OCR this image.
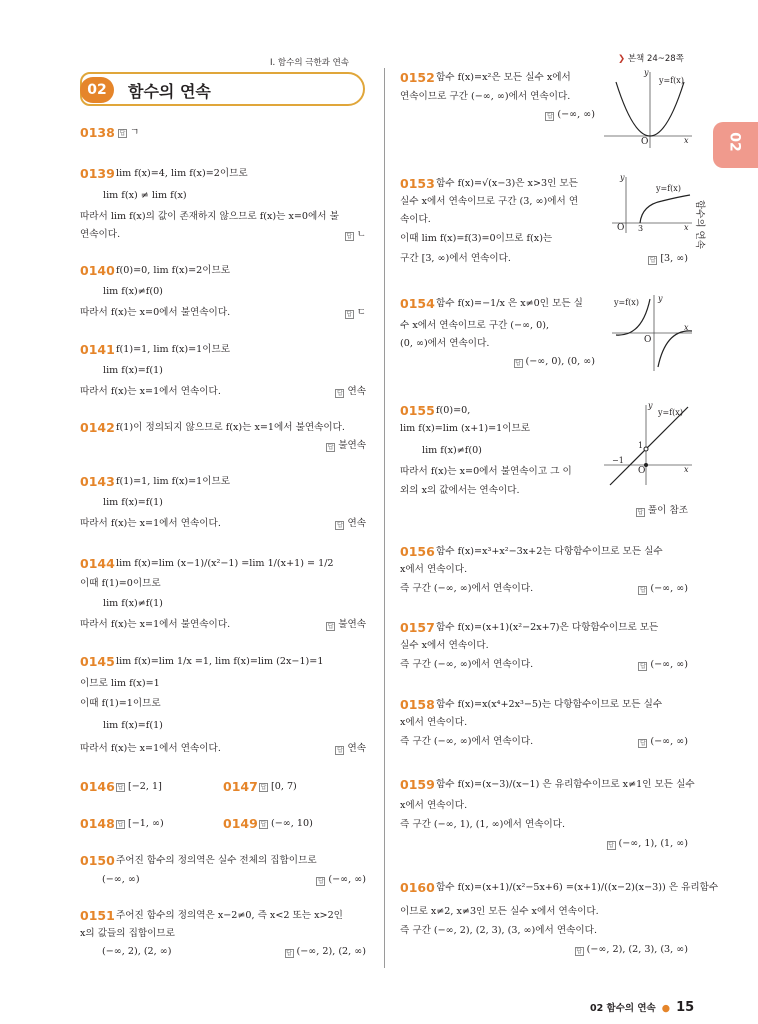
Ⅰ. 함수의 극한과 연속	❯ 본책 24~28쪽
02	함수의 연속
02
함수의 연속
0138 답 ㄱ
0139 lim f(x)=4, lim f(x)=2이므로
lim f(x) ≠ lim f(x)
따라서 lim f(x)의 값이 존재하지 않으므로 f(x)는 x=0에서 불
연속이다.	답 ㄴ
0140 f(0)=0, lim f(x)=2이므로
lim f(x)≠f(0)
따라서 f(x)는 x=0에서 불연속이다.	답 ㄷ
0141 f(1)=1, lim f(x)=1이므로
lim f(x)=f(1)
따라서 f(x)는 x=1에서 연속이다.	답 연속
0142 f(1)이 정의되지 않으므로 f(x)는 x=1에서 불연속이다.
답 불연속
0143 f(1)=1, lim f(x)=1이므로
lim f(x)=f(1)
따라서 f(x)는 x=1에서 연속이다.	답 연속
0144 lim f(x)=lim (x−1)/(x²−1) =lim 1/(x+1) = 1/2
이때 f(1)=0이므로
lim f(x)≠f(1)
따라서 f(x)는 x=1에서 불연속이다.	답 불연속
0145 lim f(x)=lim 1/x =1, lim f(x)=lim (2x−1)=1
이므로 lim f(x)=1
이때 f(1)=1이므로
lim f(x)=f(1)
따라서 f(x)는 x=1에서 연속이다.	답 연속
0146 답 [−2, 1]	0147 답 [0, 7)
0148 답 [−1, ∞)	0149 답 (−∞, 10)
0150 주어진 함수의 정의역은 실수 전체의 집합이므로
(−∞, ∞)	답 (−∞, ∞)
0151 주어진 함수의 정의역은 x−2≠0, 즉 x<2 또는 x>2인
x의 값들의 집합이므로
(−∞, 2), (2, ∞)	답 (−∞, 2), (2, ∞)
0152 함수 f(x)=x²은 모든 실수 x에서
연속이므로 구간 (−∞, ∞)에서 연속이다.
답 (−∞, ∞)
y=f(x)
O	x
y
0153 함수 f(x)=√(x−3)은 x>3인 모든
실수 x에서 연속이므로 구간 (3, ∞)에서 연
속이다.
이때 lim f(x)=f(3)=0이므로 f(x)는
구간 [3, ∞)에서 연속이다.	답 [3, ∞)
y=f(x)
O 3	x
y
0154 함수 f(x)=−1/x 은 x≠0인 모든 실
수 x에서 연속이므로 구간 (−∞, 0),
(0, ∞)에서 연속이다.
답 (−∞, 0), (0, ∞)
y=f(x)
O
x
y
0155 f(0)=0,
lim f(x)=lim (x+1)=1이므로
lim f(x)≠f(0)
따라서 f(x)는 x=0에서 불연속이고 그 이
외의 x의 값에서는 연속이다.
답 풀이 참조
y=f(x)
O
1
−1
x
y
0156 함수 f(x)=x³+x²−3x+2는 다항함수이므로 모든 실수
x에서 연속이다.
즉 구간 (−∞, ∞)에서 연속이다.	답 (−∞, ∞)
0157 함수 f(x)=(x+1)(x²−2x+7)은 다항함수이므로 모든
실수 x에서 연속이다.
즉 구간 (−∞, ∞)에서 연속이다.	답 (−∞, ∞)
0158 함수 f(x)=x(x⁴+2x³−5)는 다항함수이므로 모든 실수
x에서 연속이다.
즉 구간 (−∞, ∞)에서 연속이다.	답 (−∞, ∞)
0159 함수 f(x)=(x−3)/(x−1) 은 유리함수이므로 x≠1인 모든 실수
x에서 연속이다.
즉 구간 (−∞, 1), (1, ∞)에서 연속이다.
답 (−∞, 1), (1, ∞)
0160 함수 f(x)=(x+1)/(x²−5x+6) =(x+1)/((x−2)(x−3)) 은 유리함수
이므로 x≠2, x≠3인 모든 실수 x에서 연속이다.
즉 구간 (−∞, 2), (2, 3), (3, ∞)에서 연속이다.
답 (−∞, 2), (2, 3), (3, ∞)
02 함수의 연속 ● 15
